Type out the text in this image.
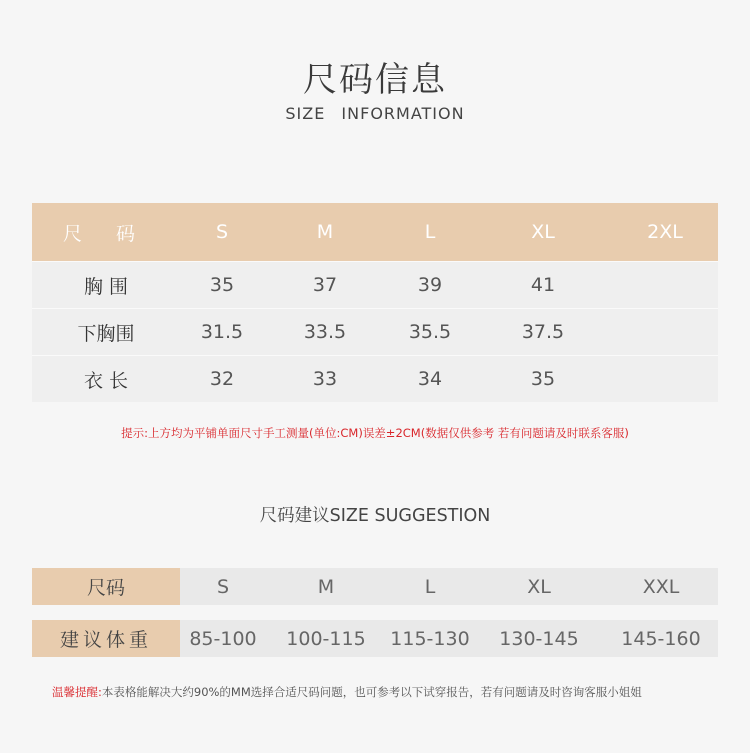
尺码信息
SIZE INFORMATION
尺 码	S	M	L	XL	2XL
胸 围	35	37	39	41
下胸围	31.5	33.5	35.5	37.5
衣 长	32	33	34	35
提示:上方均为平铺单面尺寸手工测量(单位:CM)误差±2CM(数据仅供参考 若有问题请及时联系客服)
尺码建议SIZE SUGGESTION
尺码	S	M	L	XL	XXL
建议体重	85-100	100-115	115-130	130-145	145-160
温馨提醒:本表格能解决大约90%的MM选择合适尺码问题，也可参考以下试穿报告，若有问题请及时咨询客服小姐姐
